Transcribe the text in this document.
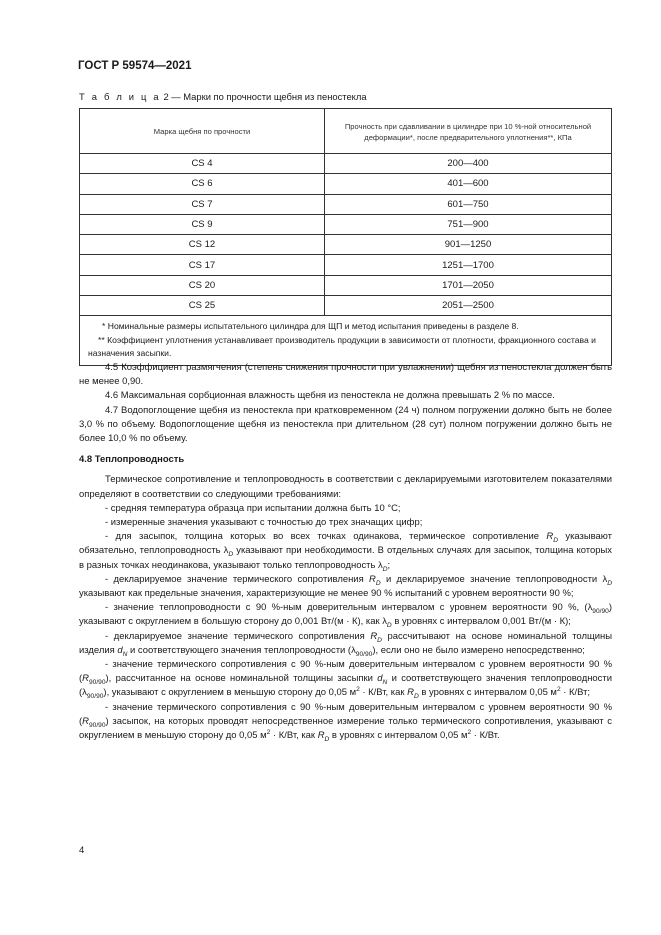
ГОСТ Р 59574—2021
Т а б л и ц а 2 — Марки по прочности щебня из пеностекла
Марка щебня по прочности	Прочность при сдавливании в цилиндре при 10 %-ной относительной деформации*, после предварительного уплотнения**, КПа
CS 4	200—400
CS 6	401—600
CS 7	601—750
CS 9	751—900
CS 12	901—1250
CS 17	1251—1700
CS 20	1701—2050
CS 25	2051—2500

* Номинальные размеры испытательного цилиндра для ЩП и метод испытания приведены в разделе 8.
** Коэффициент уплотнения устанавливает производитель продукции в зависимости от плотности, фракционного состава и назначения засыпки.	

4.5 Коэффициент размягчения (степень снижения прочности при увлажнении) щебня из пеностекла должен быть не менее 0,90.

4.6 Максимальная сорбционная влажность щебня из пеностекла не должна превышать 2 % по массе.

4.7 Водопоглощение щебня из пеностекла при кратковременном (24 ч) полном погружении должно быть не более 3,0 % по объему. Водопоглощение щебня из пеностекла при длительном (28 сут) полном погружении должно быть не более 10,0 % по объему.

4.8 Теплопроводность

Термическое сопротивление и теплопроводность в соответствии с декларируемыми изготовителем показателями определяют в соответствии со следующими требованиями:

- средняя температура образца при испытании должна быть 10 °С;

- измеренные значения указывают с точностью до трех значащих цифр;

- для засыпок, толщина которых во всех точках одинакова, термическое сопротивление $R_D$ указывают обязательно, теплопроводность $\lambda_D$ указывают при необходимости. В отдельных случаях для засыпок, толщина которых в разных точках неодинакова, указывают только теплопроводность $\lambda_D$;

- декларируемое значение термического сопротивления $R_D$ и декларируемое значение теплопроводности $\lambda_D$ указывают как предельные значения, характеризующие не менее 90 % испытаний с уровнем вероятности 90 %;

- значение теплопроводности с 90 %-ным доверительным интервалом с уровнем вероятности 90 %, $(\lambda_{90/90})$ указывают с округлением в большую сторону до 0,001 Вт/(м · К), как $\lambda_D$ в уровнях с интервалом 0,001 Вт/(м · К);

- декларируемое значение термического сопротивления $R_D$ рассчитывают на основе номинальной толщины изделия $d_N$ и соответствующего значения теплопроводности $(\lambda_{90/90})$, если оно не было измерено непосредственно;

- значение термического сопротивления с 90 %-ным доверительным интервалом с уровнем вероятности 90 % $(R_{90/90})$, рассчитанное на основе номинальной толщины засыпки $d_N$ и соответствующего значения теплопроводности $(\lambda_{90/90})$, указывают с округлением в меньшую сторону до 0,05 $м^2 \cdot К/Вт$, как $R_D$ в уровнях с интервалом 0,05 $м^2 \cdot К/Вт$;

- значение термического сопротивления с 90 %-ным доверительным интервалом с уровнем вероятности 90 % $(R_{90/90})$ засыпок, на которых проводят непосредственное измерение только термического сопротивления, указывают с округлением в меньшую сторону до 0,05 $м^2 \cdot К/Вт$, как $R_D$ в уровнях с интервалом 0,05 $м^2 \cdot К/Вт$.

4
